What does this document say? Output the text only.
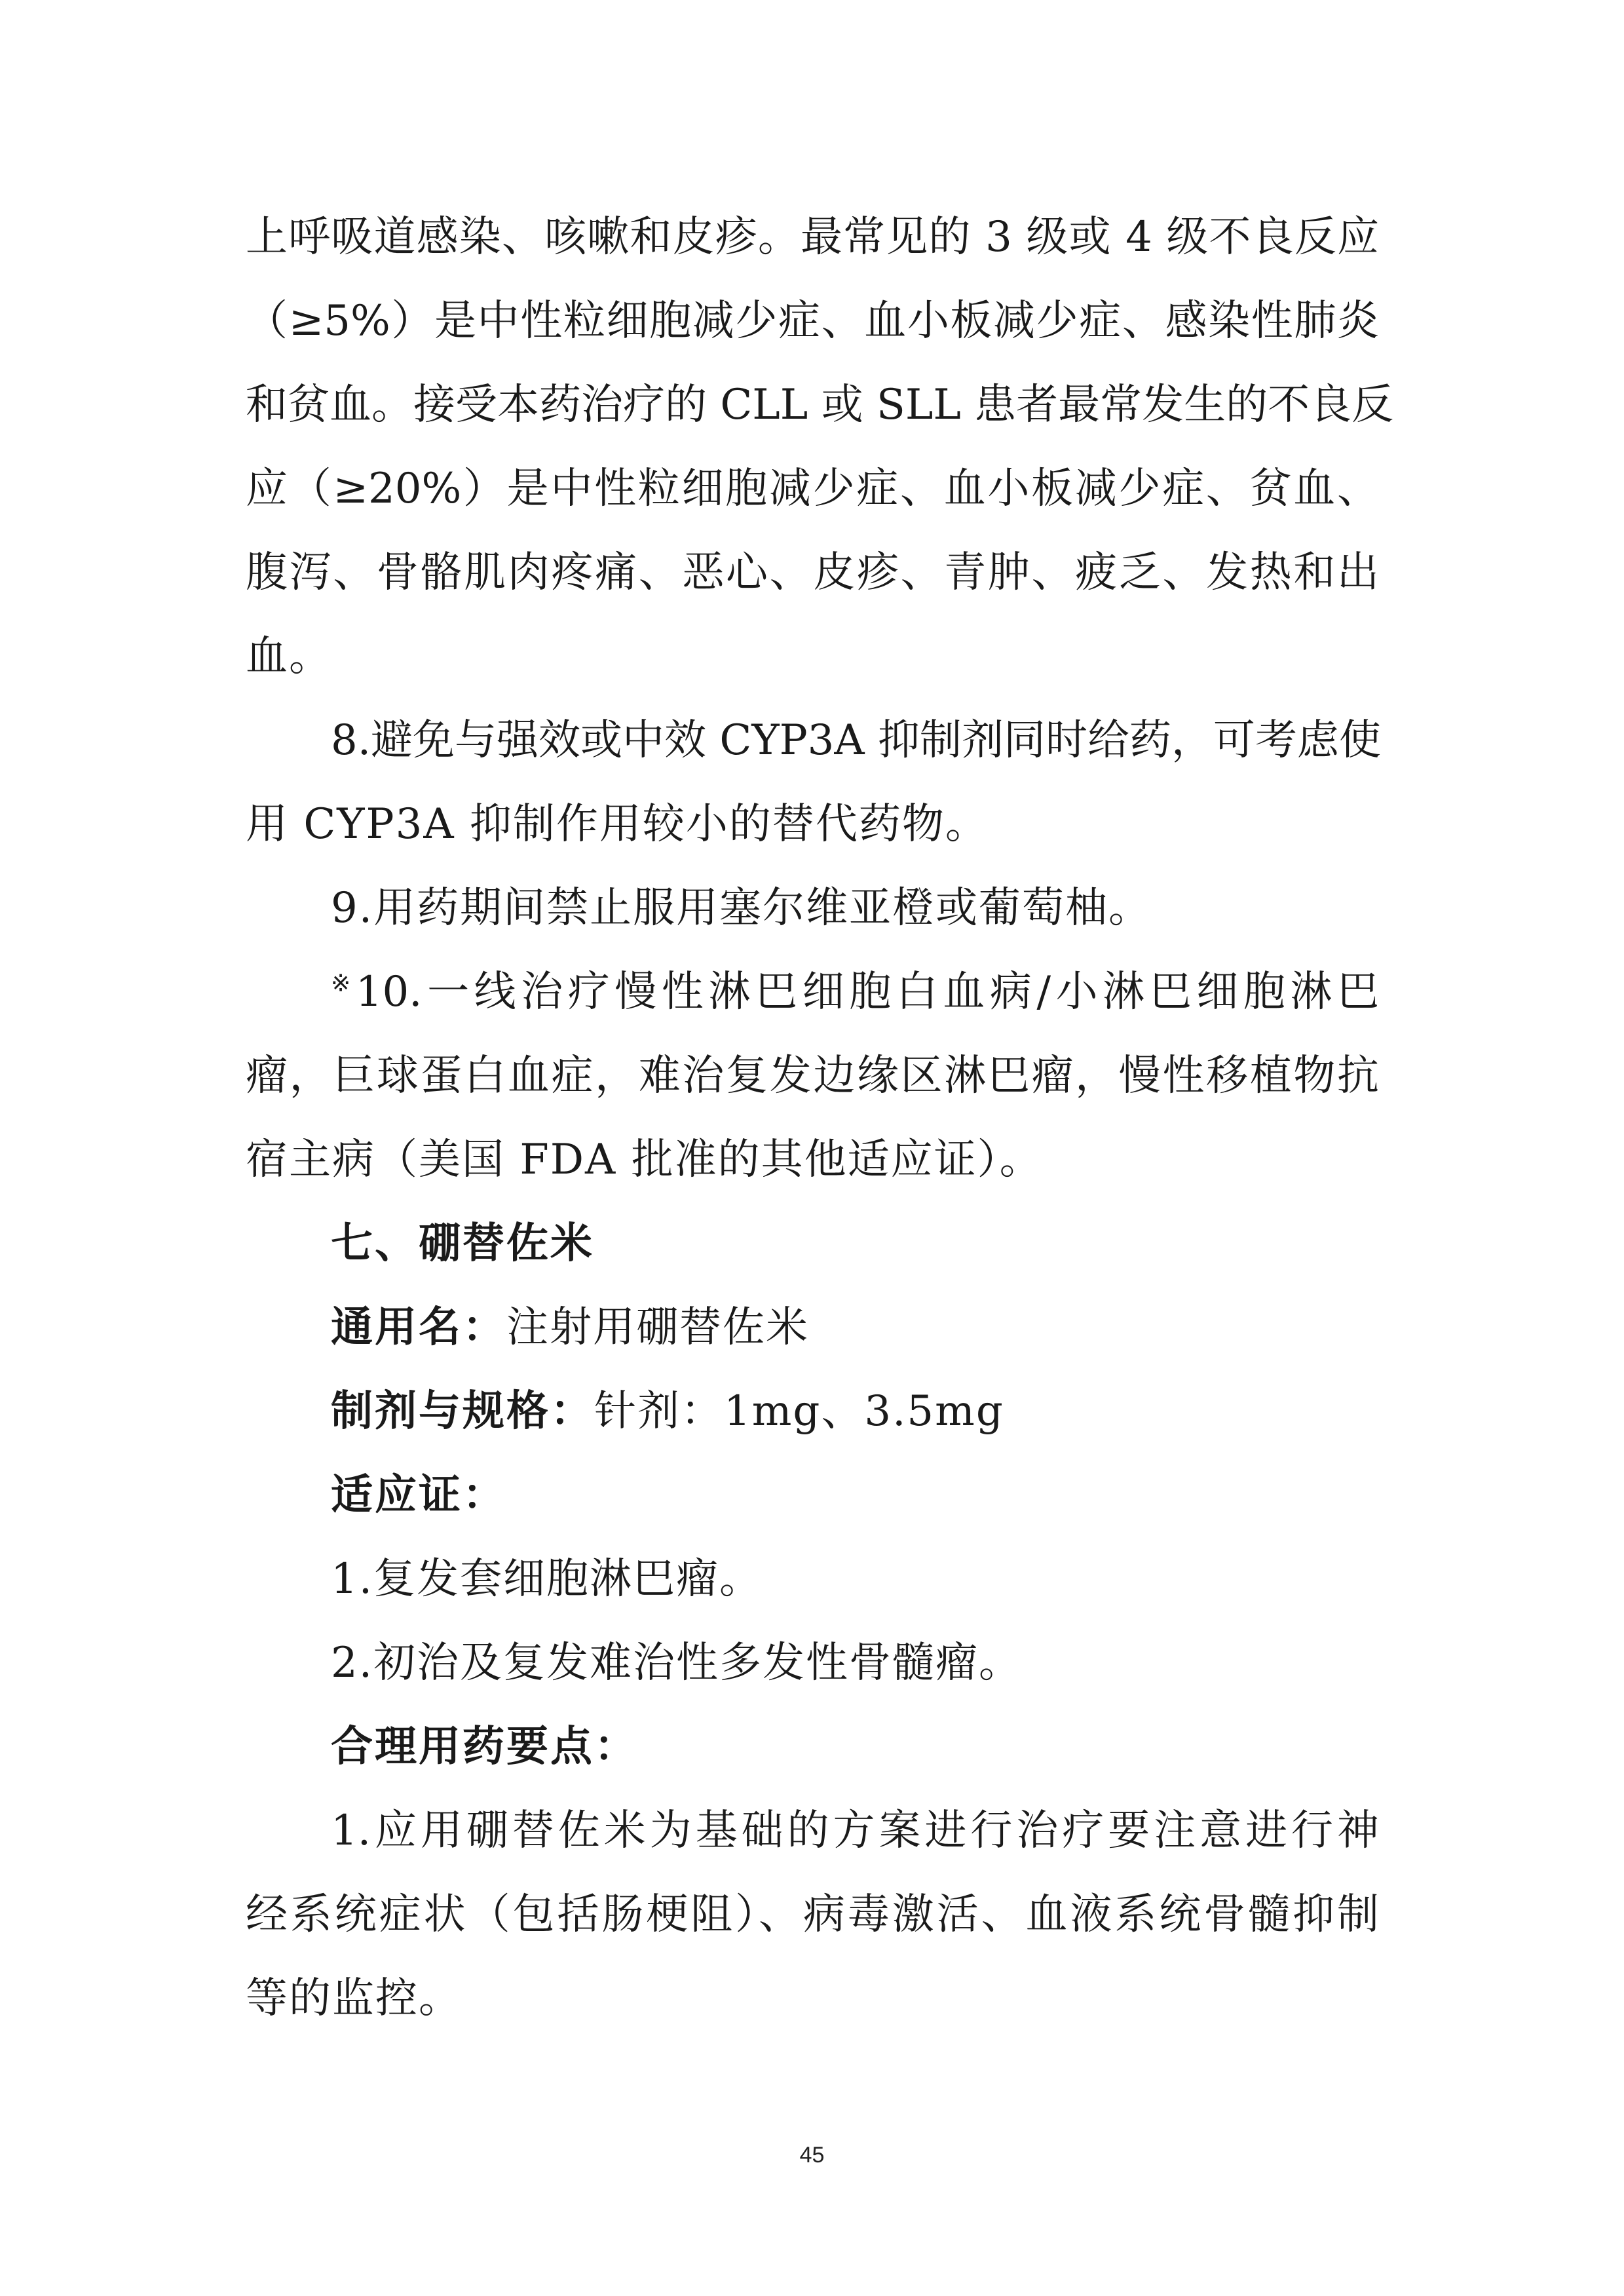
上呼吸道感染、咳嗽和皮疹。最常见的 3 级或 4 级不良反应
（≥5%）是中性粒细胞减少症、血小板减少症、感染性肺炎
和贫血。接受本药治疗的 CLL 或 SLL 患者最常发生的不良反
应（≥20%）是中性粒细胞减少症、血小板减少症、贫血、
腹泻、骨骼肌肉疼痛、恶心、皮疹、青肿、疲乏、发热和出
血。
8.避免与强效或中效 CYP3A 抑制剂同时给药，可考虑使
用 CYP3A 抑制作用较小的替代药物。
9.用药期间禁止服用塞尔维亚橙或葡萄柚。
※10.一线治疗慢性淋巴细胞白血病/小淋巴细胞淋巴
瘤，巨球蛋白血症，难治复发边缘区淋巴瘤，慢性移植物抗
宿主病（美国 FDA 批准的其他适应证）。
七、硼替佐米
通用名：注射用硼替佐米
制剂与规格：针剂：1mg、3.5mg
适应证：
1.复发套细胞淋巴瘤。
2.初治及复发难治性多发性骨髓瘤。
合理用药要点：
1.应用硼替佐米为基础的方案进行治疗要注意进行神
经系统症状（包括肠梗阻）、病毒激活、血液系统骨髓抑制
等的监控。
45
